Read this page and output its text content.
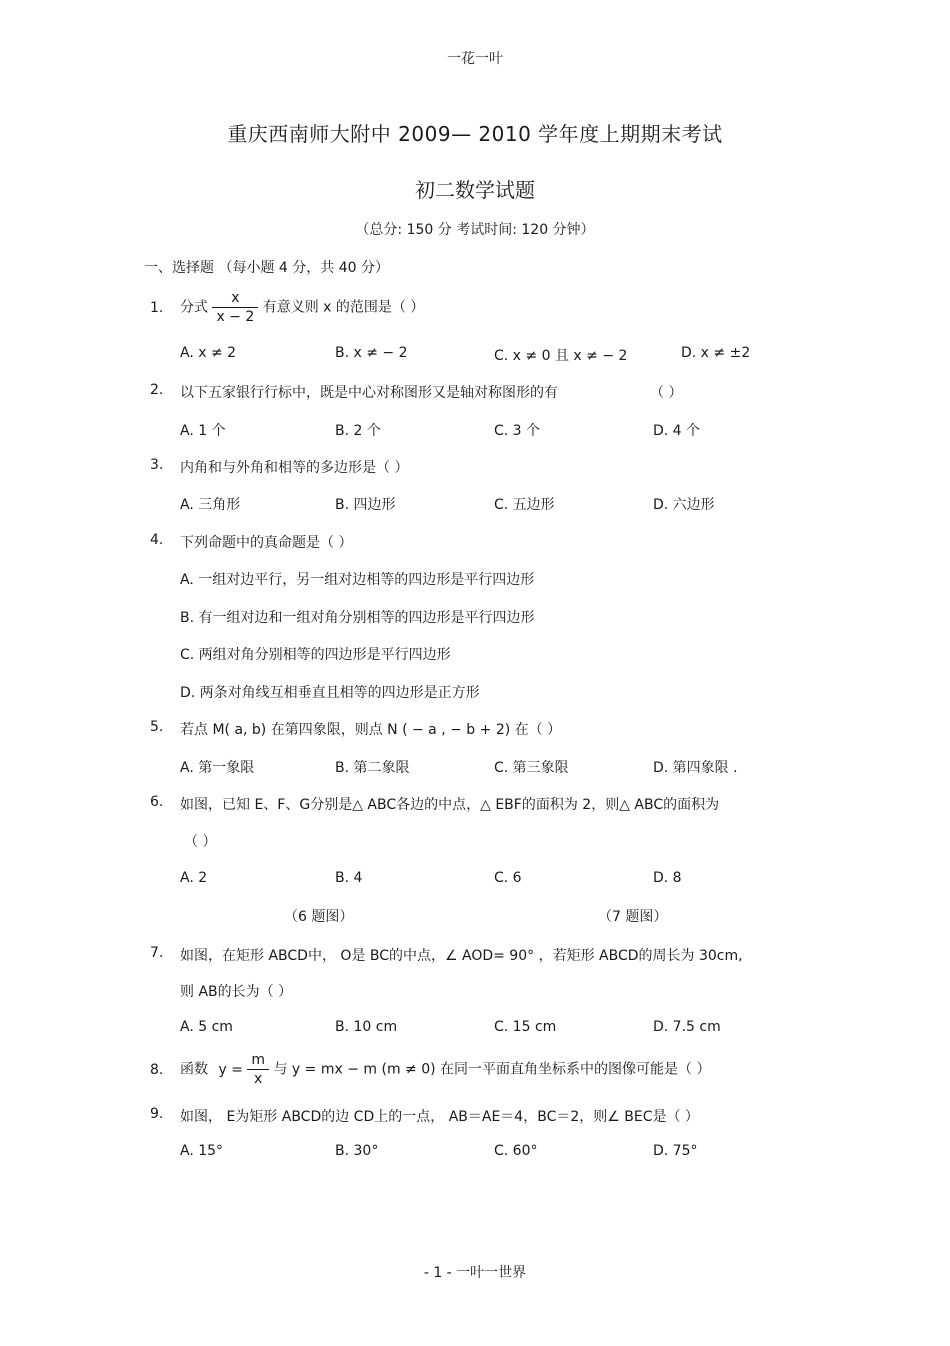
一花一叶
重庆西南师大附中 2009— 2010 学年度上期期末考试
初二数学试题
（总分: 150 分 考试时间: 120 分钟）
一、选择题 （每小题 4 分，共 40 分）
1. 分式 $\frac{x}{x - 2}$ 有意义则 x 的范围是（ ）
A. x ≠ 2	B. x ≠ − 2	C. x ≠ 0 且 x ≠ − 2	D. x ≠ ±2
2. 以下五家银行行标中，既是中心对称图形又是轴对称图形的有	（ ）
A. 1 个	B. 2 个	C. 3 个	D. 4 个
3. 内角和与外角和相等的多边形是（ ）
A. 三角形	B. 四边形	C. 五边形	D. 六边形
4. 下列命题中的真命题是（ ）
A. 一组对边平行，另一组对边相等的四边形是平行四边形
B. 有一组对边和一组对角分别相等的四边形是平行四边形
C. 两组对角分别相等的四边形是平行四边形
D. 两条对角线互相垂直且相等的四边形是正方形
5. 若点 M( a, b) 在第四象限，则点 N ( − a , − b + 2) 在（ ）
A. 第一象限	B. 第二象限	C. 第三象限	D. 第四象限 .
6. 如图，已知 E、F、G分别是△ ABC各边的中点，△ EBF的面积为 2，则△ ABC的面积为
（ ）
A. 2	B. 4	C. 6	D. 8
（6 题图）	（7 题图）
7. 如图，在矩形 ABCD中， O是 BC的中点，∠ AOD= 90° ，若矩形 ABCD的周长为 30cm,
则 AB的长为（ ）
A. 5 cm	B. 10 cm	C. 15 cm	D. 7.5 cm
8. 函数 $y = \frac{m}{x}$ 与 y = mx − m (m ≠ 0) 在同一平面直角坐标系中的图像可能是（ ）
9. 如图， E为矩形 ABCD的边 CD上的一点， AB＝AE＝4，BC＝2，则∠ BEC是（ ）
A. 15°	B. 30°	C. 60°	D. 75°
- 1 - 一叶一世界
